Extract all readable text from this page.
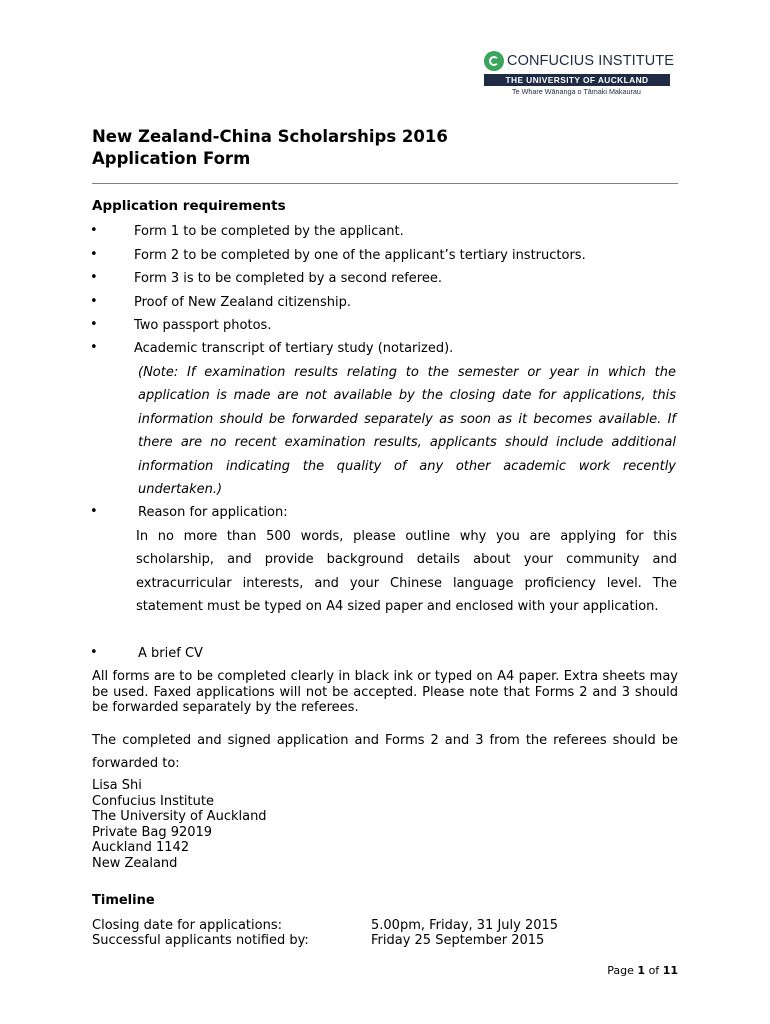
CONFUCIUS INSTITUTE
THE UNIVERSITY OF AUCKLAND
Te Whare Wānanga o Tāmaki Makaurau
New Zealand-China Scholarships 2016
Application Form
Application requirements
•	Form 1 to be completed by the applicant.
•	Form 2 to be completed by one of the applicant’s tertiary instructors.
•	Form 3 is to be completed by a second referee.
•	Proof of New Zealand citizenship.
•	Two passport photos.
•	Academic transcript of tertiary study (notarized).
(Note: If examination results relating to the semester or year in which the application is made are not available by the closing date for applications, this information should be forwarded separately as soon as it becomes available. If there are no recent examination results, applicants should include additional information indicating the quality of any other academic work recently undertaken.)
•	Reason for application:
In no more than 500 words, please outline why you are applying for this scholarship, and provide background details about your community and extracurricular interests, and your Chinese language proficiency level. The statement must be typed on A4 sized paper and enclosed with your application.
•	A brief CV
All forms are to be completed clearly in black ink or typed on A4 paper. Extra sheets may be used. Faxed applications will not be accepted. Please note that Forms 2 and 3 should be forwarded separately by the referees.
The completed and signed application and Forms 2 and 3 from the referees should be forwarded to:
Lisa Shi
Confucius Institute
The University of Auckland
Private Bag 92019
Auckland 1142
New Zealand
Timeline
Closing date for applications:	5.00pm, Friday, 31 July 2015
Successful applicants notified by:	Friday 25 September 2015
Page 1 of 11
